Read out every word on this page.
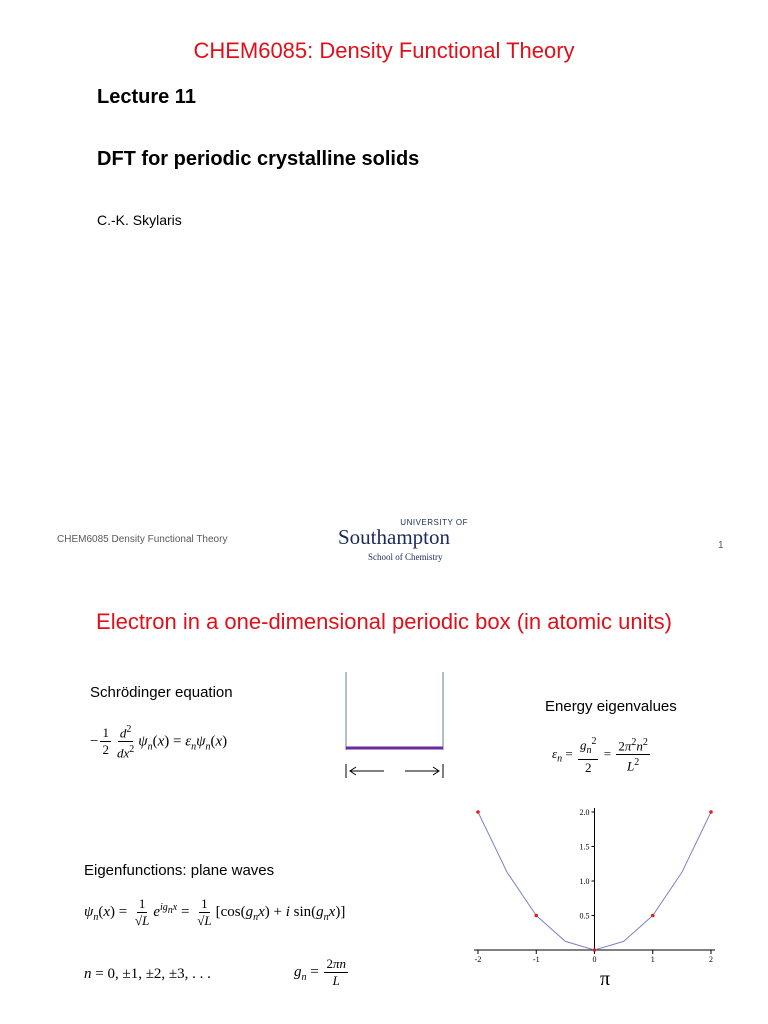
CHEM6085: Density Functional Theory
Lecture 11
DFT for periodic crystalline solids
C.-K. Skylaris
CHEM6085 Density Functional Theory
UNIVERSITY OF
Southampton
School of Chemistry
1
Electron in a one-dimensional periodic box (in atomic units)
Schrödinger equation
− $\frac{1}{2} \frac{d^2}{dx^2} \psi_n(x) = \varepsilon_n\psi_n(x)$
Energy eigenvalues
$\varepsilon_n = \frac{g_n^2}{2} = \frac{2\pi^2n^2}{L^2}$
Eigenfunctions: plane waves
$\psi_n(x) = \frac{1}{√L} e^{ig_nx} = \frac{1}{√L} [\cos(g_nx) + i$ $\sin(g_nx)$]
n = 0, ±1, ±2, ±3, . . .	$g_n = \frac{2\pi n}{L}$	-2	-1	0	1	2
0.5
1.0
1.5
2.0
π
